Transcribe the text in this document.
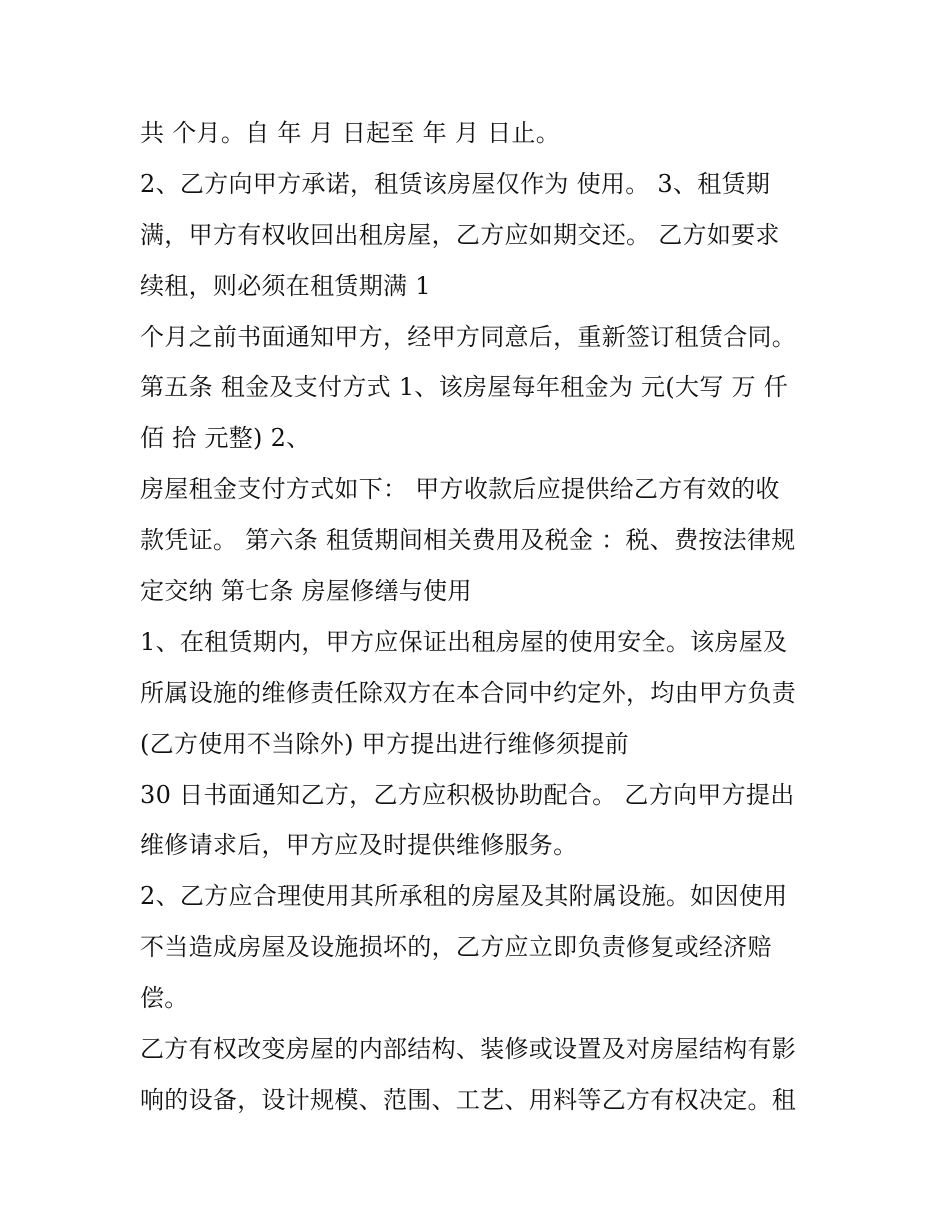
共 个月。自 年 月 日起至 年 月 日止。
2、乙方向甲方承诺，租赁该房屋仅作为 使用。 3、租赁期
满，甲方有权收回出租房屋，乙方应如期交还。 乙方如要求
续租，则必须在租赁期满 1
个月之前书面通知甲方，经甲方同意后，重新签订租赁合同。
第五条 租金及支付方式 1、该房屋每年租金为 元(大写 万 仟
佰 拾 元整) 2、
房屋租金支付方式如下： 甲方收款后应提供给乙方有效的收
款凭证。 第六条 租赁期间相关费用及税金 ：税、费按法律规
定交纳 第七条 房屋修缮与使用
1、在租赁期内，甲方应保证出租房屋的使用安全。该房屋及
所属设施的维修责任除双方在本合同中约定外，均由甲方负责
(乙方使用不当除外) 甲方提出进行维修须提前
30 日书面通知乙方，乙方应积极协助配合。 乙方向甲方提出
维修请求后，甲方应及时提供维修服务。
2、乙方应合理使用其所承租的房屋及其附属设施。如因使用
不当造成房屋及设施损坏的，乙方应立即负责修复或经济赔
偿。
乙方有权改变房屋的内部结构、装修或设置及对房屋结构有影
响的设备，设计规模、范围、工艺、用料等乙方有权决定。租
